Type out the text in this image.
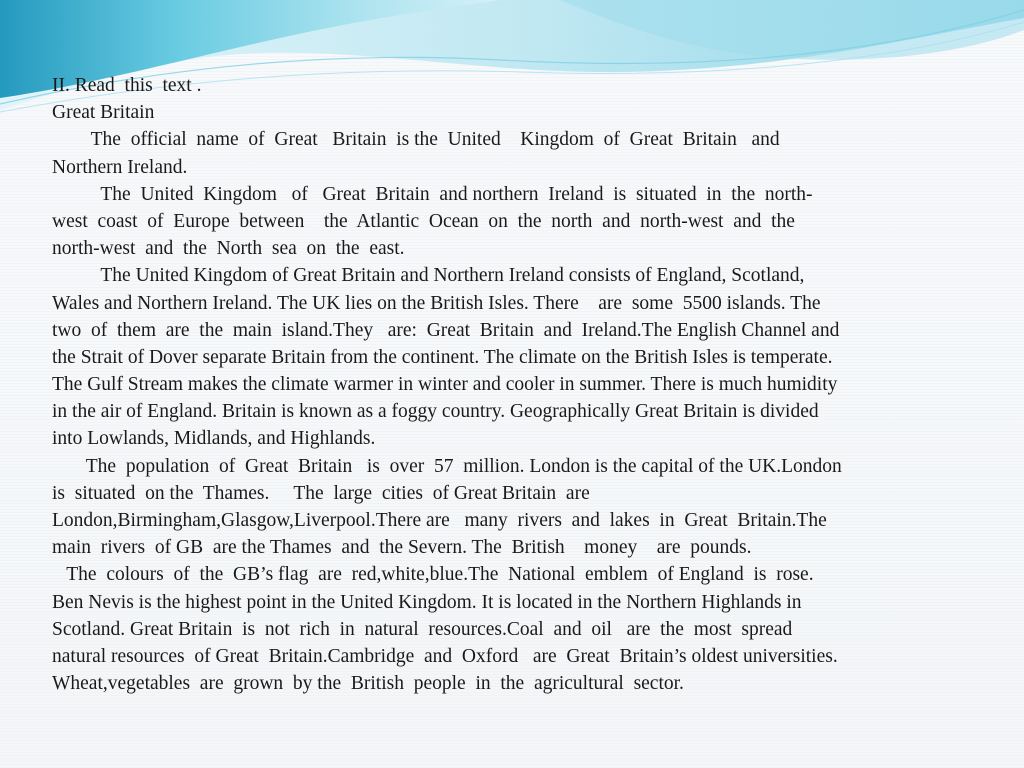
II. Read  this  text .
Great Britain
The  official  name  of  Great   Britain  is the  United    Kingdom  of  Great  Britain   and
Northern Ireland.
The  United  Kingdom   of   Great  Britain  and northern  Ireland  is  situated  in  the  north-
west  coast  of  Europe  between    the  Atlantic  Ocean  on  the  north  and  north-west  and  the
north-west  and  the  North  sea  on  the  east.
The United Kingdom of Great Britain and Northern Ireland consists of England, Scotland,
Wales and Northern Ireland. The UK lies on the British Isles. There    are  some  5500 islands. The
two  of  them  are  the  main  island.They   are:  Great  Britain  and  Ireland.The English Channel and
the Strait of Dover separate Britain from the continent. The climate on the British Isles is temperate.
The Gulf Stream makes the climate warmer in winter and cooler in summer. There is much humidity
in the air of England. Britain is known as a foggy country. Geographically Great Britain is divided
into Lowlands, Midlands, and Highlands.
The  population  of  Great  Britain   is  over  57  million. London is the capital of the UK.London
is  situated  on the  Thames.     The  large  cities  of Great Britain  are
London,Birmingham,Glasgow,Liverpool.There are   many  rivers  and  lakes  in  Great  Britain.The
main  rivers  of GB  are the Thames  and  the Severn. The  British    money    are  pounds.
The  colours  of  the  GB’s flag  are  red,white,blue.The  National  emblem  of England  is  rose.
Ben Nevis is the highest point in the United Kingdom. It is located in the Northern Highlands in
Scotland. Great Britain  is  not  rich  in  natural  resources.Coal  and  oil   are  the  most  spread
natural resources  of Great  Britain.Cambridge  and  Oxford   are  Great  Britain’s oldest universities.
Wheat,vegetables  are  grown  by the  British  people  in  the  agricultural  sector.
